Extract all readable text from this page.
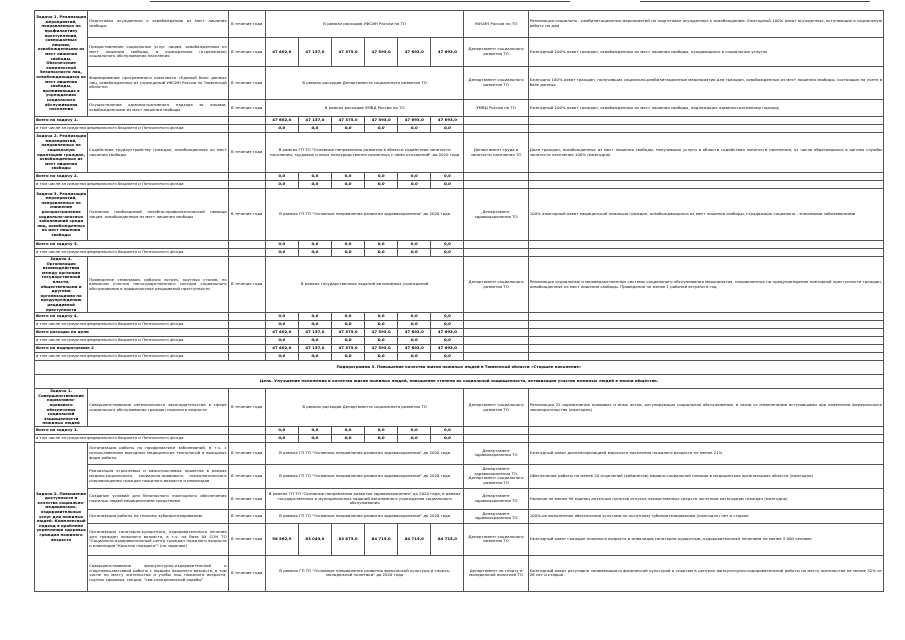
Задача 1. Реализация мероприятий, направленных на профилактику преступлений, совершаемых лицами, освобожденными из мест лишения свободы. Обеспечение комплексной безопасности лиц, освобождающихся из мест лишения свободы, проживающих в учреждениях социального обслуживания населения	Подготовка осужденных к освобождению из мест лишения свободы	В течение года	В рамках расходов УФСИН России по ТО						УФСИН России по ТО	Реализация социально - реабилитационных мероприятий по подготовке осужденных к освобождению. Ежегодный 100% охват осужденных, вступающих в социальную работу на дом
	Предоставление социальных услуг лицам, освобожденным из мест лишения свободы, в учреждениях (отделениях) социального обслуживания населения	В течение года	47 602,0	47 157,0	47 375,0	47 593,0	47 693,0	47 693,0	Департамент социального развития ТО	Ежегодный 100% охват граждан, освобожденных из мест лишения свободы, нуждающихся в социальных услугах
	Формирование программного комплекса «Единый банк данных лиц, освобожденных из учреждений УФСИН России по Тюменской области»	В течение года	В рамках расходов Департамента социального развития ТО						Департамент социального развития ТО	Ежегодно 100% охват граждан, получивших социально-реабилитационные мероприятия для граждан, освобожденных из мест лишения свободы, состоящих на учете в базе данных
	Осуществление административного надзора за лицами, освобожденными из мест лишения свободы	В течение года	В рамках расходов УМВД России по ТО						УМВД России по ТО	Ежегодный 100% охват граждан, освобожденных из мест лишения свободы, подлежащих административному надзору
Всего на задачу 1.			47 602,0	47 157,0	47 375,0	47 593,0	47 693,0	47 693,0		
в том числе за средства федерального бюджета и Пенсионного фонда			0,0	0,0	0,0	0,0	0,0	0,0		
Задача 2. Реализация мероприятий, направленных на социальную адаптацию граждан, освобожденных из мест лишения свободы	Содействие трудоустройству граждан, освобожденных из мест лишения свободы	В течение года	В рамках ГП ТО "Основные направления развития в области содействия занятости населения, трудовых и иных непосредственно связанных с ними отношений" до 2020 года						Департамент труда и занятости населения ТО	Доля граждан, освобожденных из мест лишения свободы, получивших услуги в области содействия занятости населения, от числа обратившихся в органы службы занятости населения 100% (ежегодно)
Всего на задачу 2.			0,0	0,0	0,0	0,0	0,0	0,0		
в том числе за средства федерального бюджета и Пенсионного фонда			0,0	0,0	0,0	0,0	0,0	0,0		
Задача 3. Реализация мероприятий, направленных на снижение распространения социально-опасных заболеваний среди лиц, освобожденных из мест лишения свободы	Оказание необходимой лечебно-профилактической помощи лицам, освобожденным из мест лишения свободы	В течение года	В рамках ГП ТО "Основные направления развития здравоохранения" до 2020 года						Департамент здравоохранения ТО	100% ежегодный охват медицинской помощью граждан, освобождающихся из мест лишения свободы, страдающих социально - значимыми заболеваниями
Всего на задачу 3.			0,0	0,0	0,0	0,0	0,0	0,0		
в том числе за средства федерального бюджета и Пенсионного фонда			0,0	0,0	0,0	0,0	0,0	0,0		
Задача 4. Организация взаимодействия между органами государственной власти, общественными и другими организациями по предупреждению рецидивной преступности	Проведение семинаров, рабочих встреч, круглых столов, по вопросам участия негосударственного сектора социального обслуживания в профилактике рецидивной преступности	В течение года	В рамках государственных заданий автономных учреждений						Департамент социального развития ТО	Реализация социальных и межведомственных системы социального обслуживания мероприятия, направленных на предупреждение повторной преступности граждан, освобожденных из мест лишения свободы. Проведение не менее 1 рабочей встречи в год
Всего на задачу 4.			0,0	0,0	0,0	0,0	0,0	0,0		
в том числе за средства федерального бюджета и Пенсионного фонда			0,0	0,0	0,0	0,0	0,0	0,0		
Всего расходы по цели			47 602,0	47 157,0	47 375,0	47 593,0	47 693,0	47 693,0		
в том числе за средства федерального бюджета и Пенсионного фонда			0,0	0,0	0,0	0,0	0,0	0,0		
Всего по подпрограмме 2			47 602,0	47 157,0	47 375,0	47 593,0	47 693,0	47 693,0		
в том числе за средства федерального бюджета и Пенсионного фонда			0,0	0,0	0,0	0,0	0,0	0,0		
Подпрограмма 3. Повышение качества жизни пожилых людей в Тюменской области «Старшее поколение»										
Цель. Улучшение положения и качества жизни пожилых людей, повышение степени их социальной защищенности, активизация участия пожилых людей в жизни общества.										
Задача 1. Совершенствование нормативно-правового обеспечения социальной защищенности пожилых людей	Совершенствование регионального законодательства в сфере социального обслуживания граждан пожилого возраста	В течение года	В рамках расходов Департамента социального развития ТО						Департамент социального развития ТО	Реализация 25 нормативных правовых и иных актов, регулирующих социальное обслуживание, в связи со изменениями вступившими при изменении федерального законодательства (ежегодно)
Всего на задачу 1.			0,0	0,0	0,0	0,0	0,0	0,0		
в том числе за средства федерального бюджета и Пенсионного фонда			0,0	0,0	0,0	0,0	0,0	0,0		
Задача 2. Повышение доступности и качества социально-медицинских, оздоровительных услуг для пожилых людей. Комплексный подход в проблеме укрепления здоровья граждан пожилого возраста	Организация работы по профилактике заболеваний, в т.ч. с использованием выездных медицинских технологий и выездных форм работы	В течение года	В рамках ГП ТО "Основные направления развития здравоохранения" до 2020 года						Департамент здравоохранения ТО	Ежегодный охват диспансеризацией взрослого населения пожилого возраста не менее 21%
	Реализация отраслевых и межотраслевых проектов в рамках медико-социального, социально-правового, психологического сопровождения граждан пожилого возраста и инвалидов	В течение года	В рамках ГП ТО "Основные направления развития здравоохранения" до 2020 года						Департамент здравоохранения ТО, Департамент социального развития ТО	Обеспечение работы не менее 20 отделений (кабинетов) медико-социальной помощи в медицинских организациях области (ежегодно)
	Создание условий для безопасного ежегодного обеспечения пожилых людей медицинскими средствами	В течение года	В рамках ГП ТО "Основные направления развития здравоохранения" до 2020 года, в рамках государственных и муниципальных заданий автономного учреждения социального обслуживания						Департамент здравоохранения ТО	Наличие не менее 90 единиц аптечных пунктов отпуска лекарственных средств льготным категориям граждан (ежегодно)
	Организация работы по гнилому зубопротезированию	В течение года	В рамках ГП ТО "Основные направления развития здравоохранения" до 2020 года						Департамент здравоохранения ТО	100%-ое выполнение обеспечения услугами по льготному зубопротезированию (ежегодно) лет и старше
	Организация санаторно-курортного, оздоровительного лечения для граждан пожилого возраста, в т.ч. на базе АУ СОН ТО "Социально-оздоровительный центр граждан пожилого возраста и инвалидов "Красная гвоздика"" (по заданию)	В течение года	56 562,9	83 043,0	83 873,0	84 715,0	84 715,0	84 715,0	Департамент социального развития ТО	Ежегодный охват граждан пожилого возраста и инвалидов санаторно-курортным, оздоровительным лечением не менее 3 000 человек
	Совершенствование физкультурно-оздоровительной и спортивно-массовой работы с людьми пожилого возраста, в том числе по месту жительства и учебы лиц пожилого возраста, группы здоровья, секции, "сев-скандинавской ходьбы"	В течение года	В рамках ГП ТО "Основные направления развития физической культуры и спорта, молодежной политики" до 2020 года						Департамент по спорту и молодежной политике ТО	Ежегодный охват регулярно занимающихся физической культурой и спортом в центрах физкультурно-оздоровительной работы по месту жительства не менее 32% от 28 лет и старше
